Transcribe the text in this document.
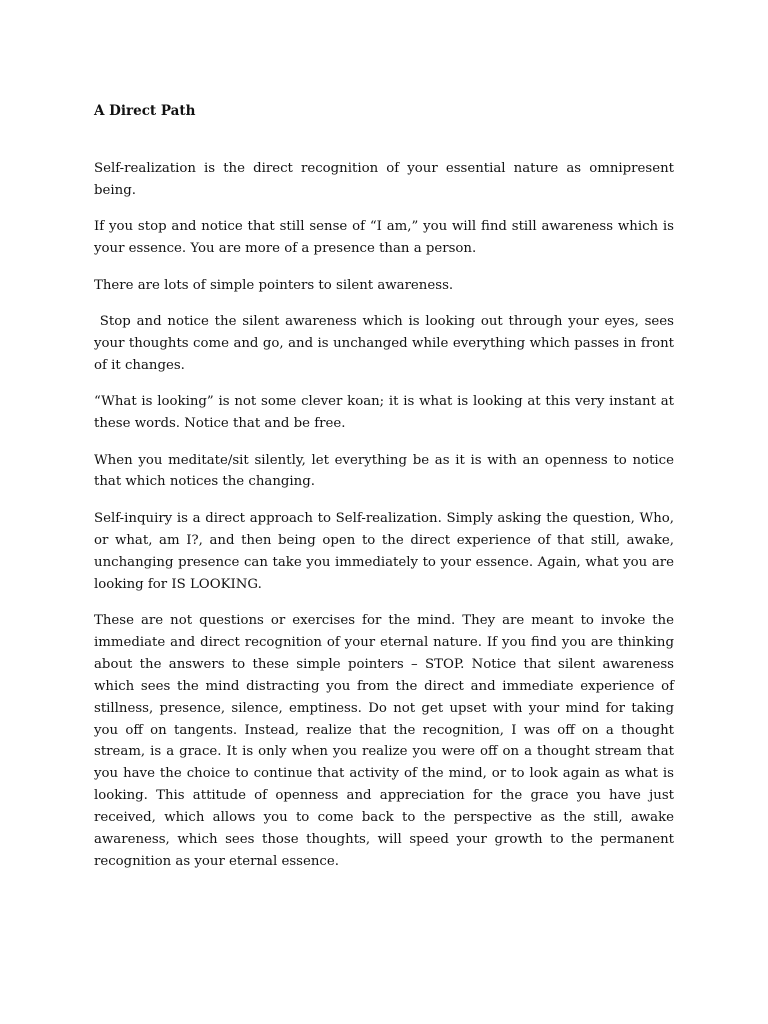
A Direct Path

Self-realization is the direct recognition of your essential nature as omnipresent being.

If you stop and notice that still sense of “I am,” you will find still awareness which is your essence. You are more of a presence than a person.

There are lots of simple pointers to silent awareness.

Stop and notice the silent awareness which is looking out through your eyes, sees your thoughts come and go, and is unchanged while everything which passes in front of it changes.

“What is looking” is not some clever koan; it is what is looking at this very instant at these words. Notice that and be free.

When you meditate/sit silently, let everything be as it is with an openness to notice that which notices the changing.

Self-inquiry is a direct approach to Self-realization. Simply asking the question, Who, or what, am I?, and then being open to the direct experience of that still, awake, unchanging presence can take you immediately to your essence. Again, what you are looking for IS LOOKING.

These are not questions or exercises for the mind. They are meant to invoke the immediate and direct recognition of your eternal nature. If you find you are thinking about the answers to these simple pointers – STOP. Notice that silent awareness which sees the mind distracting you from the direct and immediate experience of stillness, presence, silence, emptiness. Do not get upset with your mind for taking you off on tangents. Instead, realize that the recognition, I was off on a thought stream, is a grace. It is only when you realize you were off on a thought stream that you have the choice to continue that activity of the mind, or to look again as what is looking. This attitude of openness and appreciation for the grace you have just received, which allows you to come back to the perspective as the still, awake awareness, which sees those thoughts, will speed your growth to the permanent recognition as your eternal essence.
